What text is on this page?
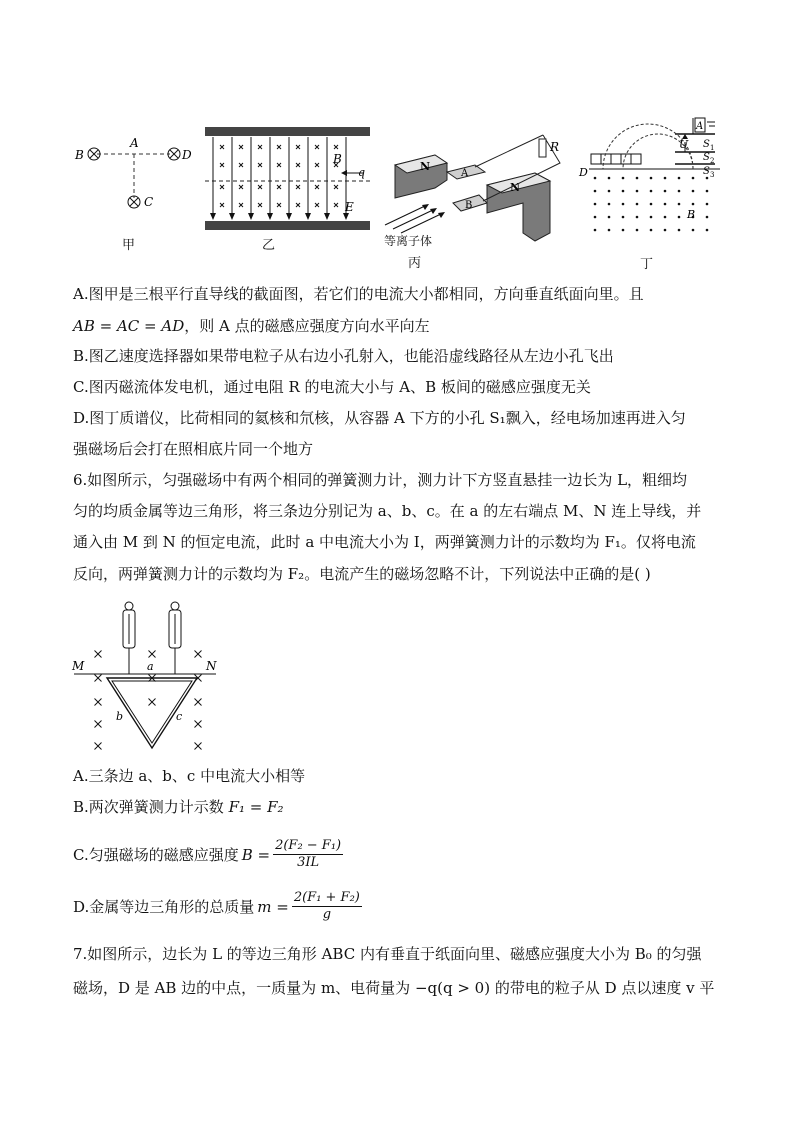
B
A
D
C
甲
B
q
E
乙
N
A
B
N
R
等离子体
丙
A
U S 1
S 2
S 3
D
B
丁
A.图甲是三根平行直导线的截面图，若它们的电流大小都相同，方向垂直纸面向里。且
AB = AC = AD，则 A 点的磁感应强度方向水平向左
B.图乙速度选择器如果带电粒子从右边小孔射入，也能沿虚线路径从左边小孔飞出
C.图丙磁流体发电机，通过电阻 R 的电流大小与 A、B 板间的磁感应强度无关
D.图丁质谱仪，比荷相同的氦核和氘核，从容器 A 下方的小孔 S₁飘入，经电场加速再进入匀
强磁场后会打在照相底片同一个地方
6.如图所示，匀强磁场中有两个相同的弹簧测力计，测力计下方竖直悬挂一边长为 L，粗细均
匀的均质金属等边三角形，将三条边分别记为 a、b、c。在 a 的左右端点 M、N 连上导线，并
通入由 M 到 N 的恒定电流，此时 a 中电流大小为 I，两弹簧测力计的示数均为 F₁。仅将电流
反向，两弹簧测力计的示数均为 F₂。电流产生的磁场忽略不计，下列说法中正确的是( )
M	N
a
b	c
A.三条边 a、b、c 中电流大小相等
B.两次弹簧测力计示数 F₁ = F₂
C.匀强磁场的磁感应强度 $B = \frac{\text{2(F₂ − F₁)}}{3IL}$
D.金属等边三角形的总质量 $m = \frac{\text{2(F₁ + F₂)}}{g}$
7.如图所示，边长为 L 的等边三角形 ABC 内有垂直于纸面向里、磁感应强度大小为 B₀ 的匀强
磁场，D 是 AB 边的中点，一质量为 m、电荷量为 −q(q > 0) 的带电的粒子从 D 点以速度 v 平
